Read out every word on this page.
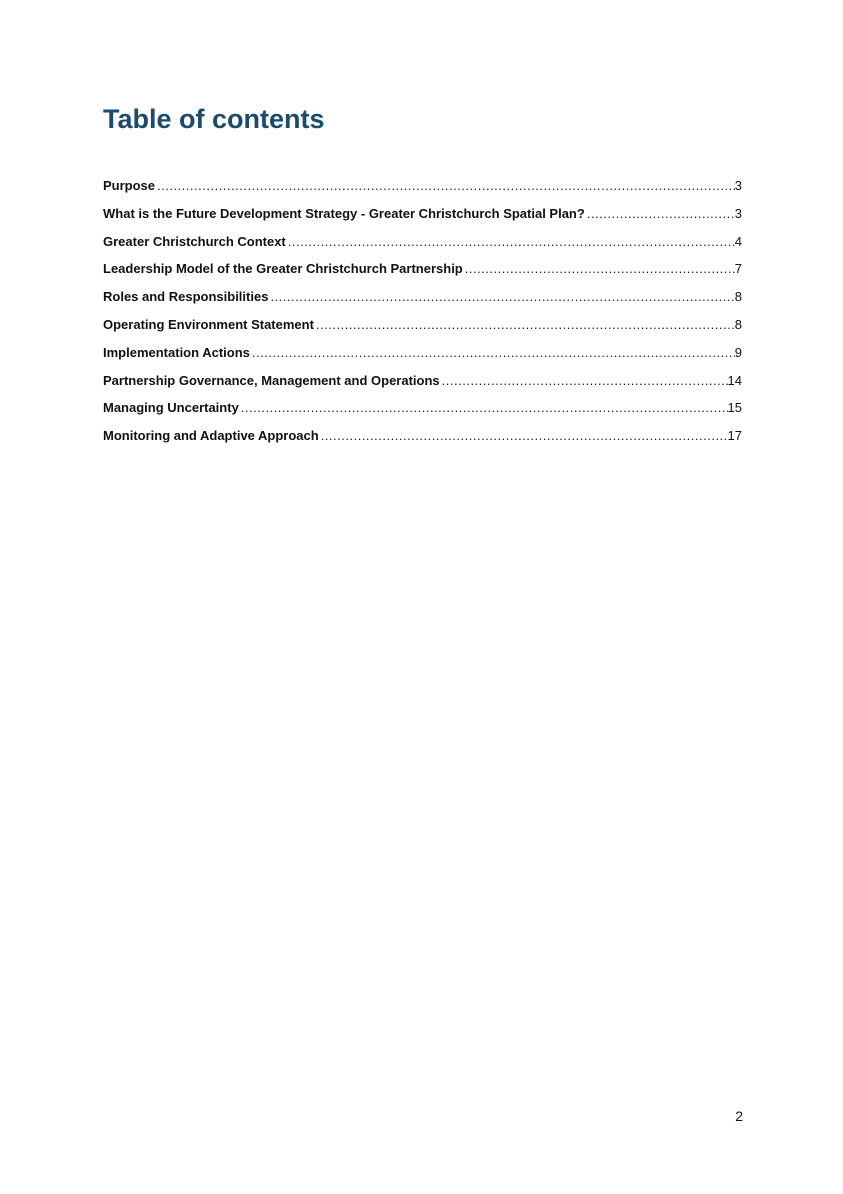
Table of contents
Purpose .....	3
What is the Future Development Strategy - Greater Christchurch Spatial Plan? .....	3
Greater Christchurch Context .....	4
Leadership Model of the Greater Christchurch Partnership .....	7
Roles and Responsibilities .....	8
Operating Environment Statement .....	8
Implementation Actions .....	9
Partnership Governance, Management and Operations .....	14
Managing Uncertainty .....	15
Monitoring and Adaptive Approach .....	17
2
